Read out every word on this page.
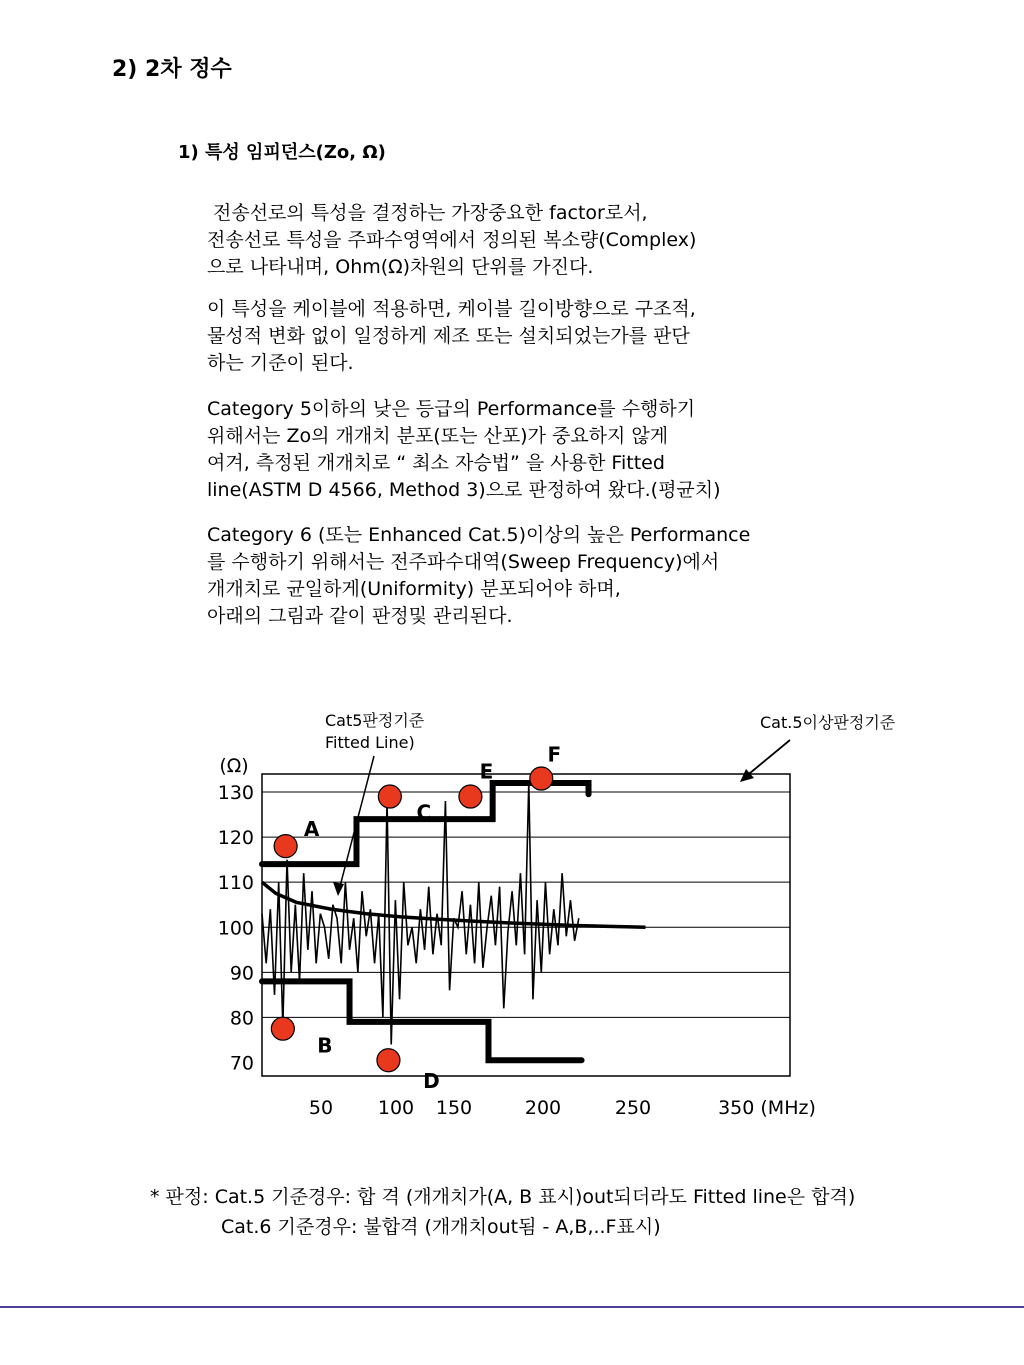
2) 2차 정수
1) 특성 임피던스(Zo, Ω)
전송선로의 특성을 결정하는 가장중요한 factor로서,
전송선로 특성을 주파수영역에서 정의된 복소량(Complex)
으로 나타내며, Ohm(Ω)차원의 단위를 가진다.
이 특성을 케이블에 적용하면, 케이블 길이방향으로 구조적,
물성적 변화 없이 일정하게 제조 또는 설치되었는가를 판단
하는 기준이 된다.
Category 5이하의 낮은 등급의 Performance를 수행하기
위해서는 Zo의 개개치 분포(또는 산포)가 중요하지 않게
여겨, 측정된 개개치로 “ 최소 자승법” 을 사용한 Fitted
line(ASTM D 4566, Method 3)으로 판정하여 왔다.(평균치)
Category 6 (또는 Enhanced Cat.5)이상의 높은 Performance
를 수행하기 위해서는 전주파수대역(Sweep Frequency)에서
개개치로 균일하게(Uniformity) 분포되어야 하며,
아래의 그림과 같이 판정및 관리된다.
130
120
110
100
90
80
70
(Ω)
50 100 150	200	250	350 (MHz)
A
B
C
D
E
F
Cat5판정기준
Fitted Line)
Cat.5이상판정기준
* 판정: Cat.5 기준경우: 합 격 (개개치가(A, B 표시)out되더라도 Fitted line은 합격)
Cat.6 기준경우: 불합격 (개개치out됨 - A,B,..F표시)
